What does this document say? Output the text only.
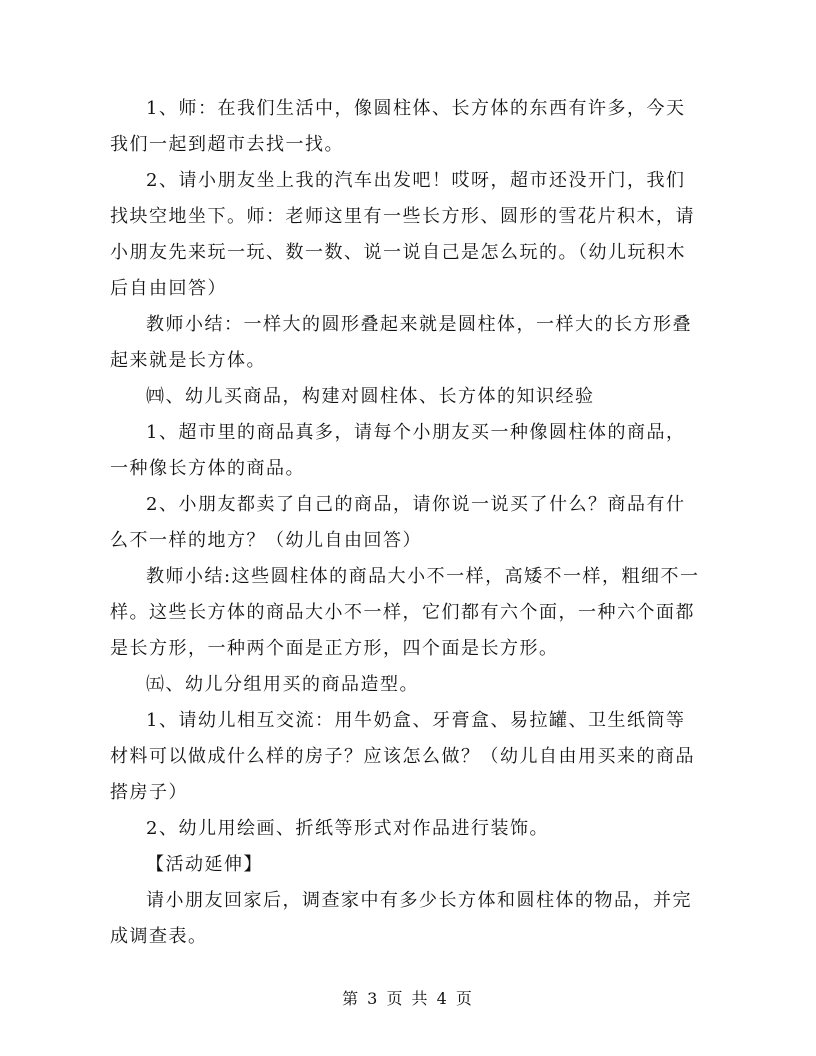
1、师：在我们生活中，像圆柱体、长方体的东西有许多，今天我们一起到超市去找一找。

2、请小朋友坐上我的汽车出发吧！哎呀，超市还没开门，我们找块空地坐下。师：老师这里有一些长方形、圆形的雪花片积木，请小朋友先来玩一玩、数一数、说一说自己是怎么玩的。（幼儿玩积木后自由回答）

教师小结：一样大的圆形叠起来就是圆柱体，一样大的长方形叠起来就是长方体。

㈣、幼儿买商品，构建对圆柱体、长方体的知识经验

1、超市里的商品真多，请每个小朋友买一种像圆柱体的商品，一种像长方体的商品。

2、小朋友都卖了自己的商品，请你说一说买了什么？商品有什么不一样的地方？（幼儿自由回答）

教师小结:这些圆柱体的商品大小不一样，高矮不一样，粗细不一样。这些长方体的商品大小不一样，它们都有六个面，一种六个面都是长方形，一种两个面是正方形，四个面是长方形。

㈤、幼儿分组用买的商品造型。

1、请幼儿相互交流：用牛奶盒、牙膏盒、易拉罐、卫生纸筒等材料可以做成什么样的房子？应该怎么做？（幼儿自由用买来的商品搭房子）

2、幼儿用绘画、折纸等形式对作品进行装饰。

【活动延伸】

请小朋友回家后，调查家中有多少长方体和圆柱体的物品，并完成调查表。

第 3 页 共 4 页
